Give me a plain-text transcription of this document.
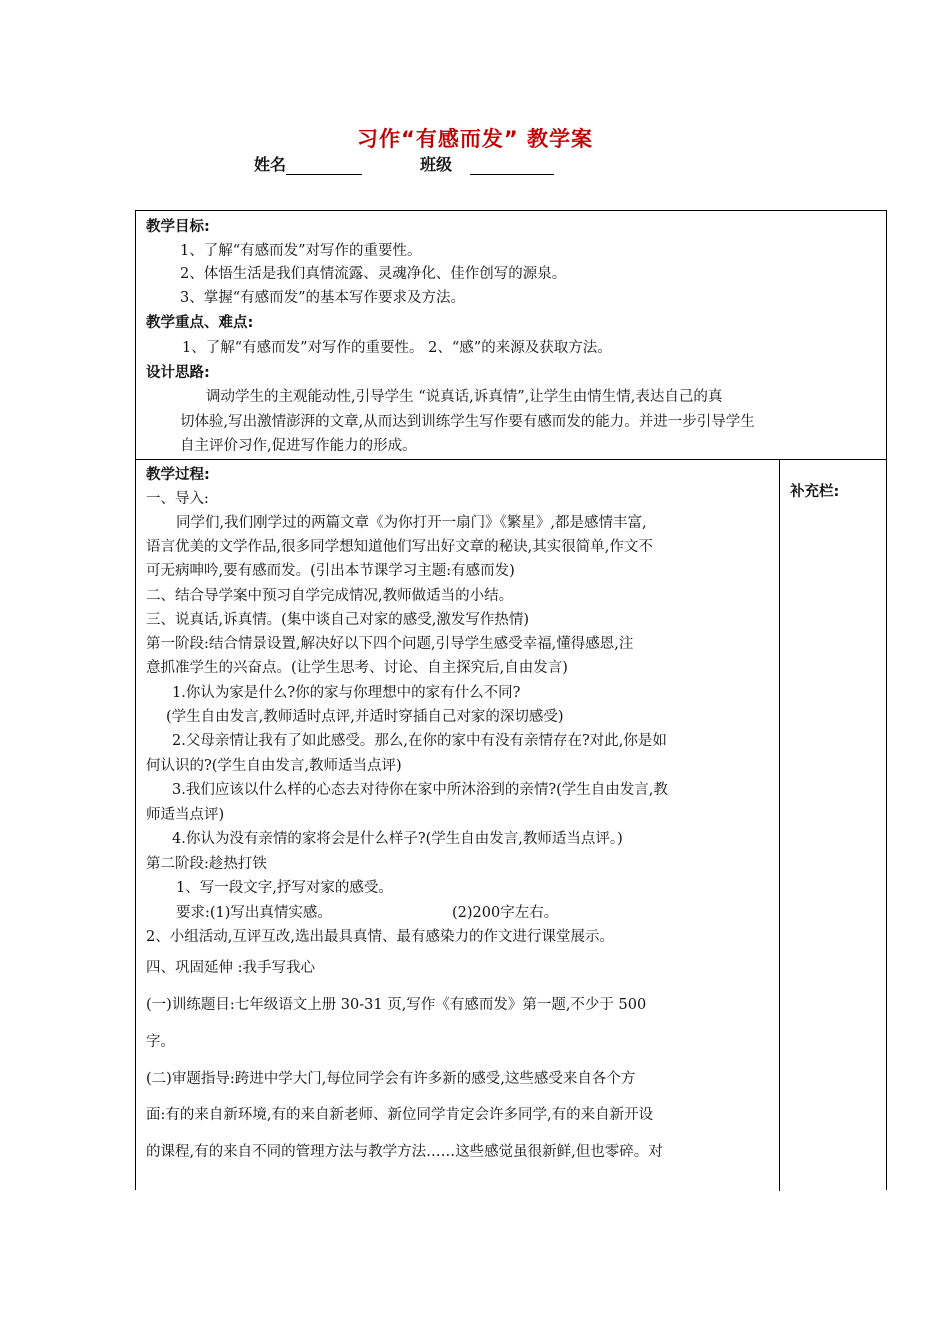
习作“有感而发” 教学案
姓名	班级
教学目标:
1、了解“有感而发”对写作的重要性。
2、体悟生活是我们真情流露、灵魂净化、佳作创写的源泉。
3、掌握“有感而发”的基本写作要求及方法。
教学重点、难点:
1、了解“有感而发”对写作的重要性。 2、“感”的来源及获取方法。
设计思路:
调动学生的主观能动性,引导学生 “说真话,诉真情”,让学生由情生情,表达自己的真
切体验,写出激情澎湃的文章,从而达到训练学生写作要有感而发的能力。并进一步引导学生
自主评价习作,促进写作能力的形成。
教学过程:
一、导入:
同学们,我们刚学过的两篇文章《为你打开一扇门》《繁星》,都是感情丰富,
语言优美的文学作品,很多同学想知道他们写出好文章的秘诀,其实很简单,作文不
可无病呻吟,要有感而发。(引出本节课学习主题:有感而发)
二、结合导学案中预习自学完成情况,教师做适当的小结。
三、说真话,诉真情。(集中谈自己对家的感受,激发写作热情)
第一阶段:结合情景设置,解决好以下四个问题,引导学生感受幸福,懂得感恩,注
意抓准学生的兴奋点。(让学生思考、讨论、自主探究后,自由发言)
1.你认为家是什么?你的家与你理想中的家有什么不同?
(学生自由发言,教师适时点评,并适时穿插自己对家的深切感受)
2.父母亲情让我有了如此感受。那么,在你的家中有没有亲情存在?对此,你是如
何认识的?(学生自由发言,教师适当点评)
3.我们应该以什么样的心态去对待你在家中所沐浴到的亲情?(学生自由发言,教
师适当点评)
4.你认为没有亲情的家将会是什么样子?(学生自由发言,教师适当点评。)
第二阶段:趁热打铁
1、写一段文字,抒写对家的感受。
要求:(1)写出真情实感。	(2)200字左右。
2、小组活动,互评互改,选出最具真情、最有感染力的作文进行课堂展示。
四、巩固延伸 :我手写我心
(一)训练题目:七年级语文上册 30-31 页,写作《有感而发》第一题,不少于 500
字。
(二)审题指导:跨进中学大门,每位同学会有许多新的感受,这些感受来自各个方
面:有的来自新环境,有的来自新老师、新位同学肯定会许多同学,有的来自新开设
的课程,有的来自不同的管理方法与教学方法……这些感觉虽很新鲜,但也零碎。对
补充栏:
